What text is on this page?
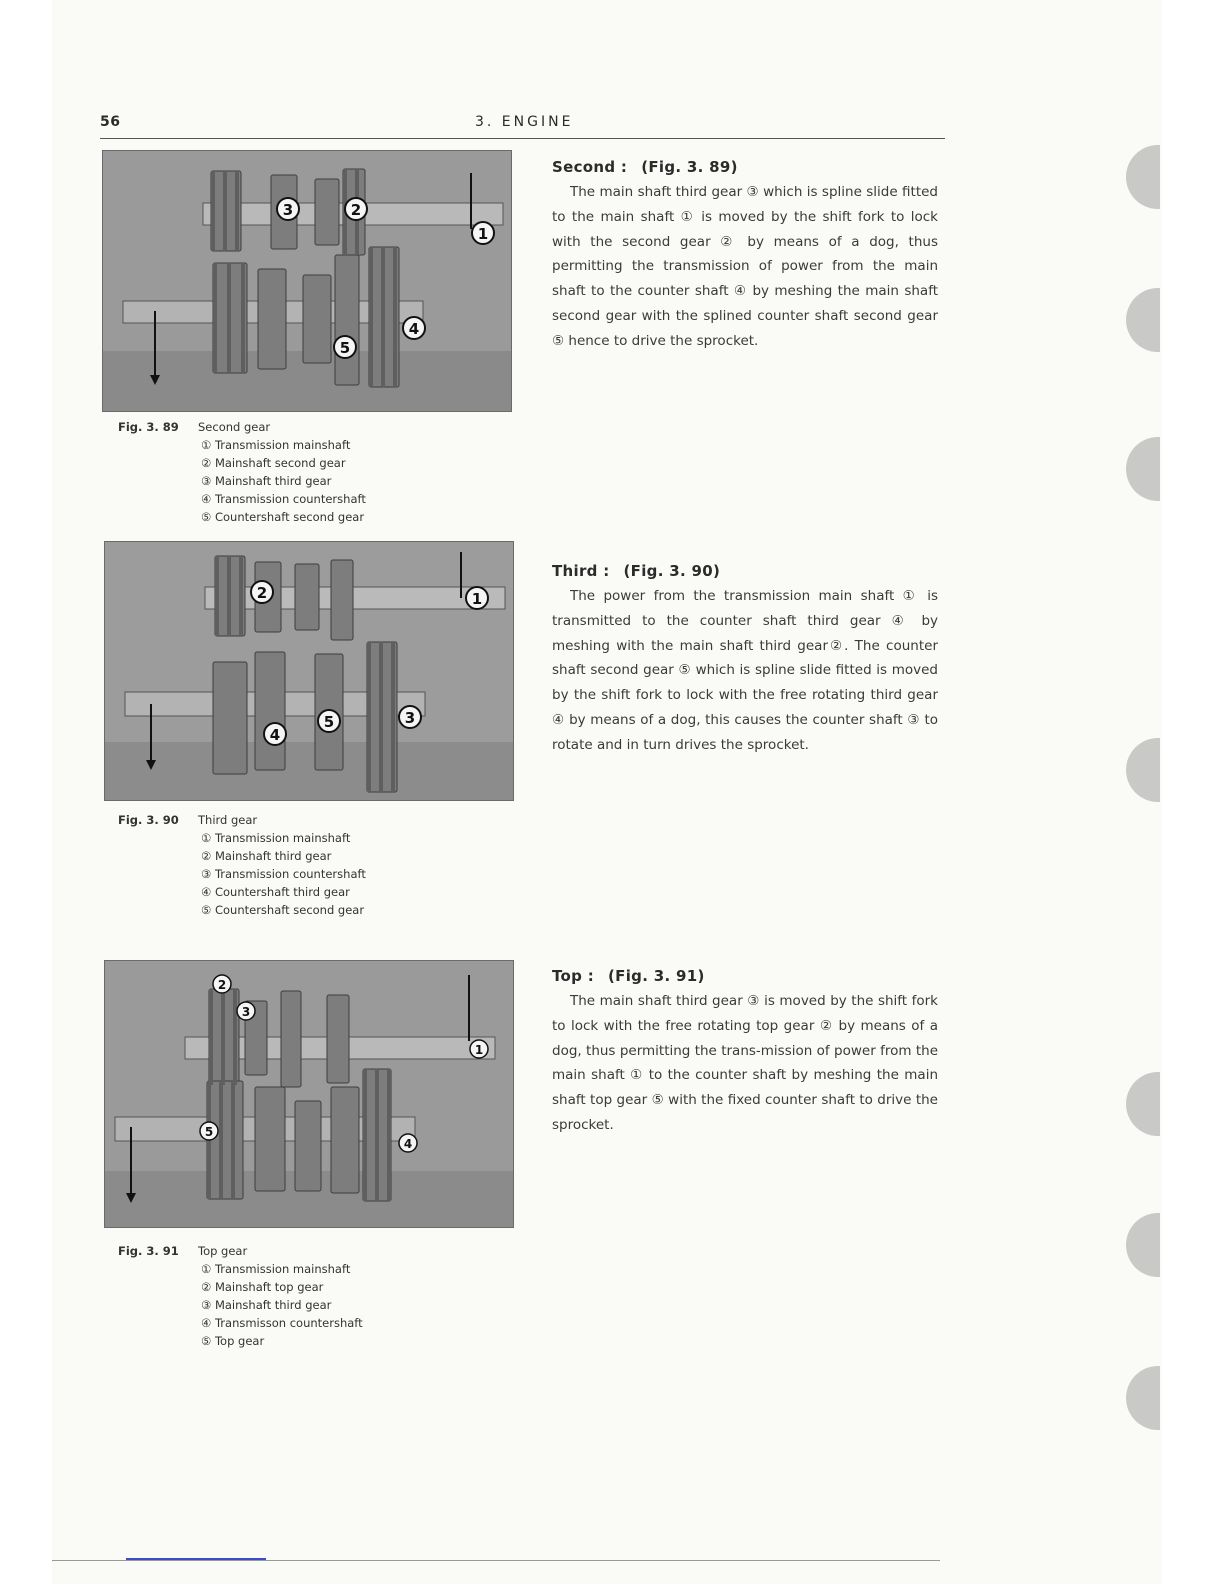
56	3. ENGINE
3	2
1
4
5
Fig. 3. 89	Second gear
① Transmission mainshaft
② Mainshaft second gear
③ Mainshaft third gear
④ Transmission countershaft
⑤ Countershaft second gear
2	1
3
5
4
Fig. 3. 90	Third gear
① Transmission mainshaft
② Mainshaft third gear
③ Transmission countershaft
④ Countershaft third gear
⑤ Countershaft second gear
2
3
1
5
4
Fig. 3. 91	Top gear
① Transmission mainshaft
② Mainshaft top gear
③ Mainshaft third gear
④ Transmisson countershaft
⑤ Top gear
Second : (Fig. 3. 89)

The main shaft third gear ③ which is spline slide fitted to the main shaft ① is moved by the shift fork to lock with the second gear ② by means of a dog, thus permitting the transmission of power from the main shaft to the counter shaft ④ by meshing the main shaft second gear with the splined counter shaft second gear ⑤ hence to drive the sprocket.

Third : (Fig. 3. 90)

The power from the transmission main shaft ① is transmitted to the counter shaft third gear ④ by meshing with the main shaft third gear②. The counter shaft second gear ⑤ which is spline slide fitted is moved by the shift fork to lock with the free rotating third gear ④ by means of a dog, this causes the counter shaft ③ to rotate and in turn drives the sprocket.

Top : (Fig. 3. 91)

The main shaft third gear ③ is moved by the shift fork to lock with the free rotating top gear ② by means of a dog, thus permitting the trans-mission of power from the main shaft ① to the counter shaft by meshing the main shaft top gear ⑤ with the fixed counter shaft to drive the sprocket.
